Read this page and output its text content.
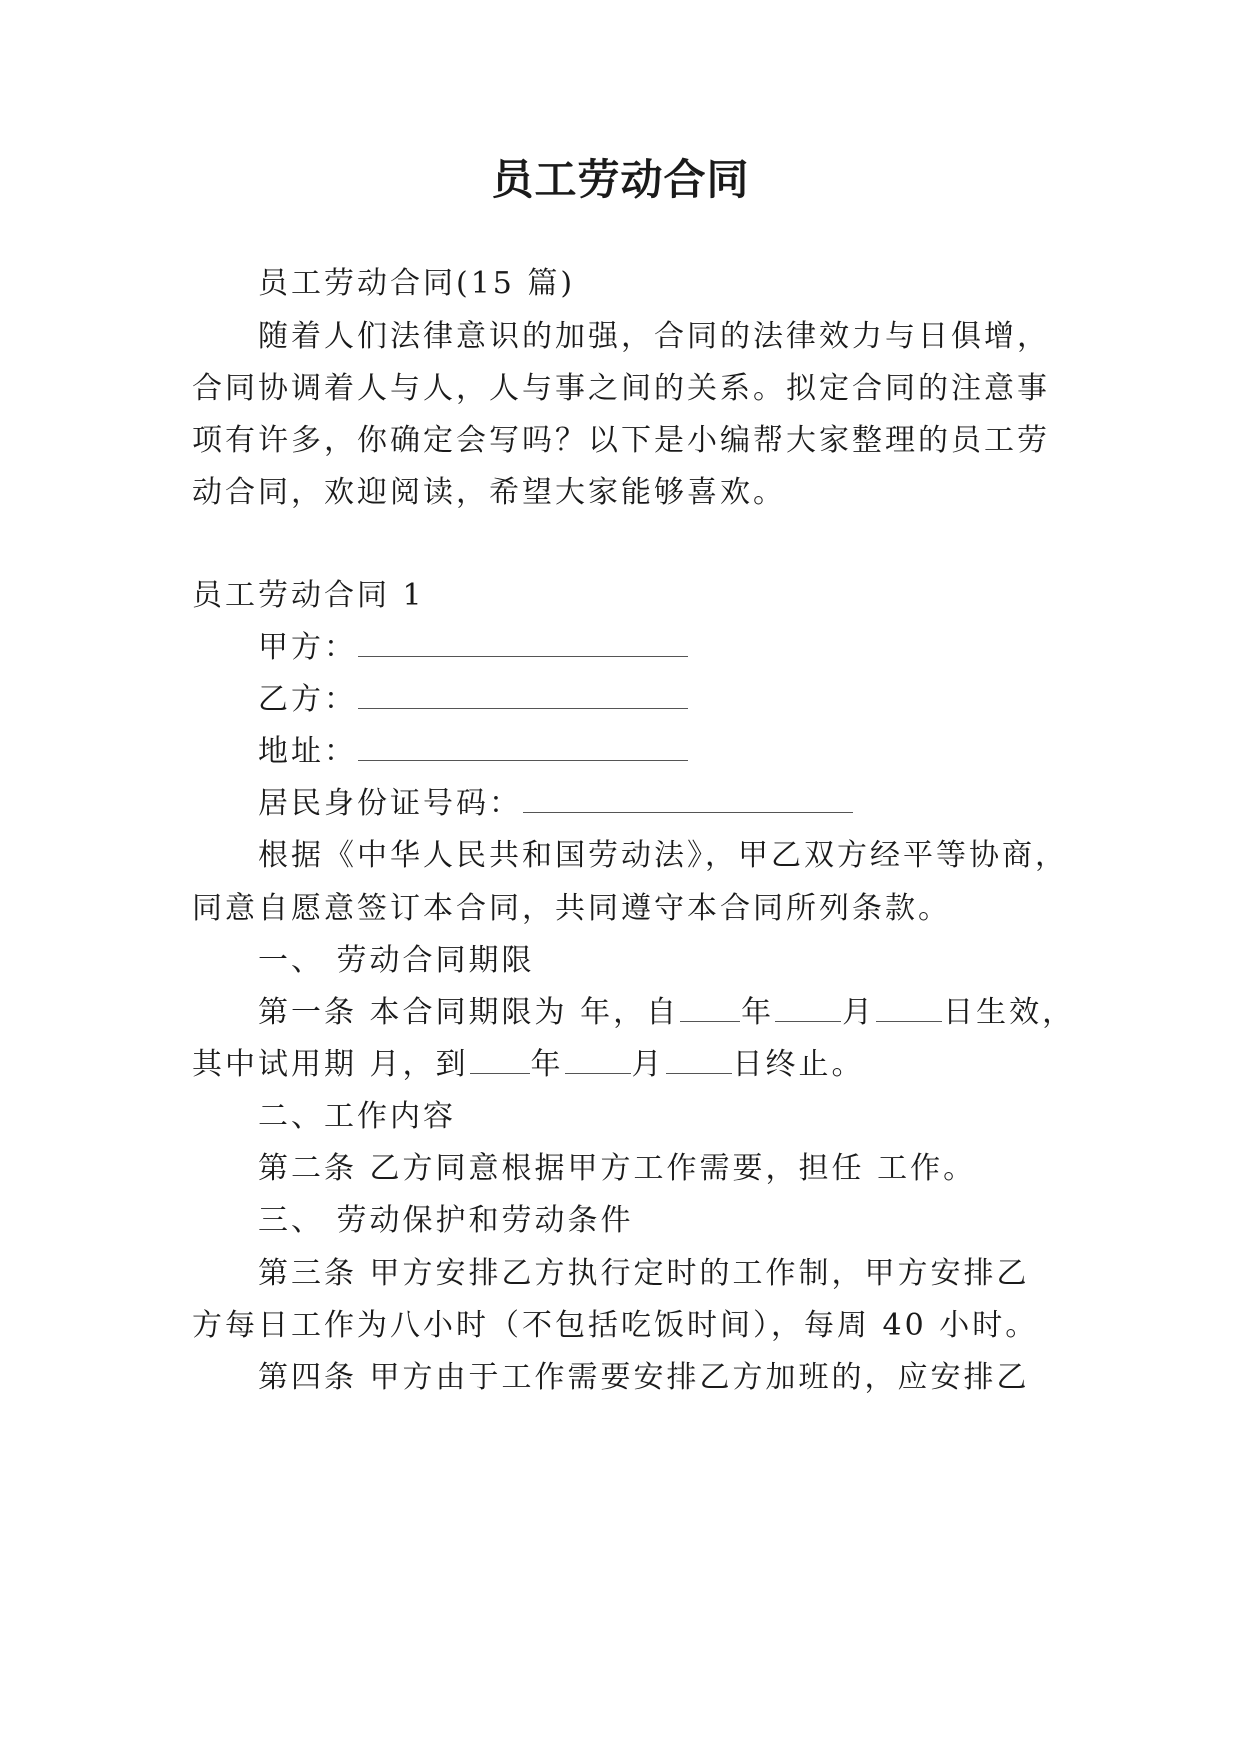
员工劳动合同
员工劳动合同(15 篇)
随着人们法律意识的加强，合同的法律效力与日俱增，
合同协调着人与人，人与事之间的关系。拟定合同的注意事
项有许多，你确定会写吗？以下是小编帮大家整理的员工劳
动合同，欢迎阅读，希望大家能够喜欢。
员工劳动合同 1
甲方：
乙方：
地址：
居民身份证号码：
根据《中华人民共和国劳动法》，甲乙双方经平等协商，
同意自愿意签订本合同，共同遵守本合同所列条款。
一、 劳动合同期限
第一条 本合同期限为 年，自 年 月 日生效，
其中试用期 月，到 年 月 日终止。
二、工作内容
第二条 乙方同意根据甲方工作需要，担任 工作。
三、 劳动保护和劳动条件
第三条 甲方安排乙方执行定时的工作制，甲方安排乙
方每日工作为八小时（不包括吃饭时间），每周 40 小时。
第四条 甲方由于工作需要安排乙方加班的，应安排乙
